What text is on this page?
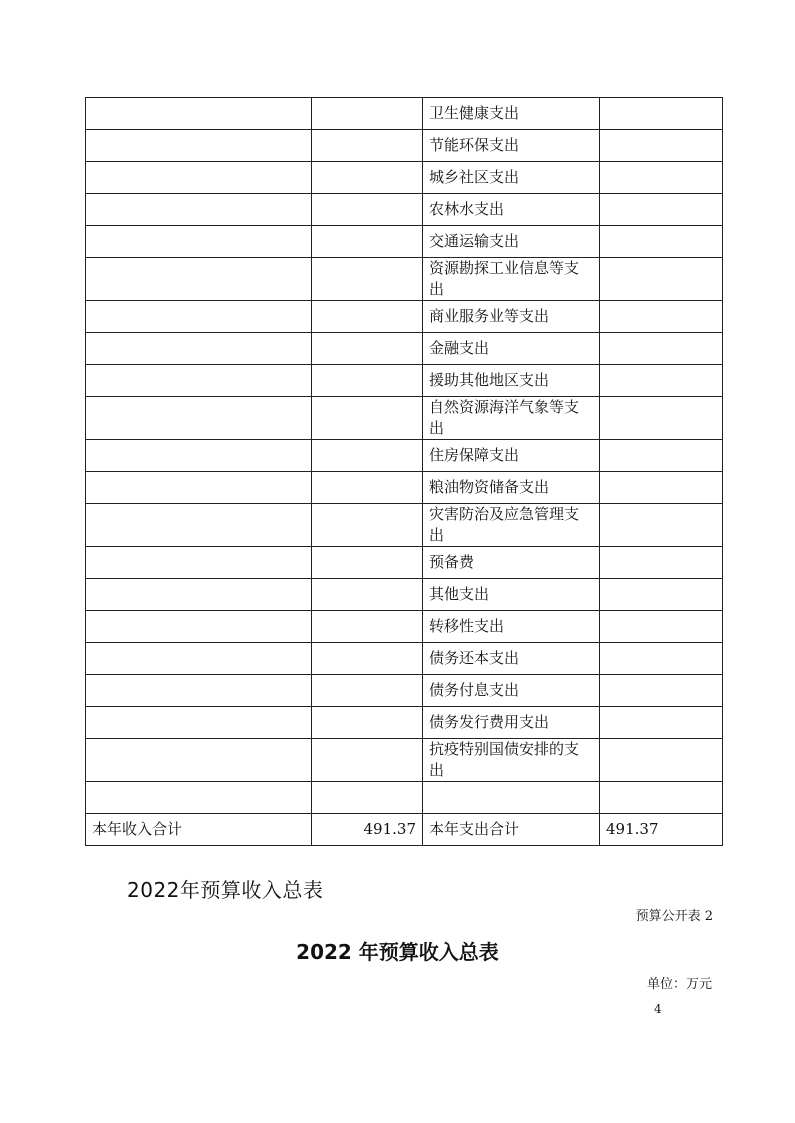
		卫生健康支出	
		节能环保支出	
		城乡社区支出	
		农林水支出	
		交通运输支出	
		资源勘探工业信息等支出	
		商业服务业等支出	
		金融支出	
		援助其他地区支出	
		自然资源海洋气象等支出	
		住房保障支出	
		粮油物资储备支出	
		灾害防治及应急管理支出	
		预备费	
		其他支出	
		转移性支出	
		债务还本支出	
		债务付息支出	
		债务发行费用支出	
		抗疫特别国债安排的支出	

本年收入合计	491.37	本年支出合计	491.37
2022年预算收入总表
预算公开表 2
2022 年预算收入总表
单位：万元
4
